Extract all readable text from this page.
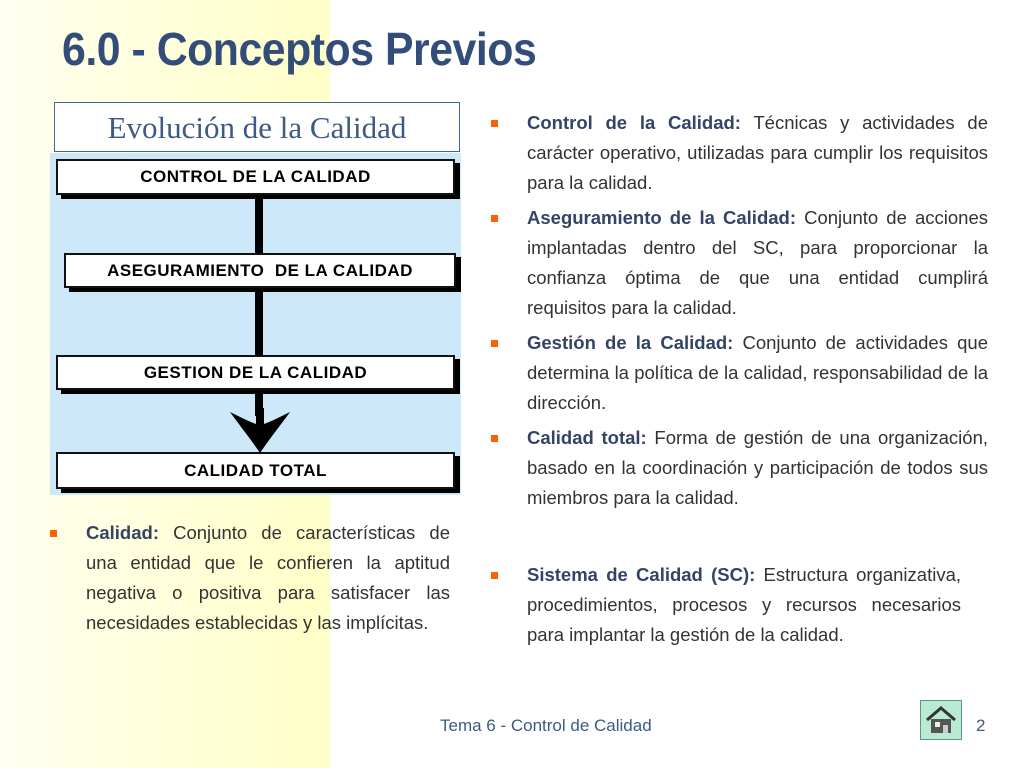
6.0 - Conceptos Previos
Evolución de la Calidad
CONTROL DE LA CALIDAD
ASEGURAMIENTO  DE LA CALIDAD
GESTION DE LA CALIDAD
CALIDAD TOTAL
Calidad: Conjunto de características de una entidad que le confieren la aptitud negativa o positiva para satisfacer las necesidades establecidas y las implícitas.
Control de la Calidad: Técnicas y actividades de carácter operativo, utilizadas para cumplir los requisitos para la calidad.
Aseguramiento de la Calidad: Conjunto de acciones implantadas dentro del SC, para proporcionar la confianza óptima de que una entidad cumplirá requisitos para la calidad.
Gestión de la Calidad: Conjunto de actividades que determina la política de la calidad, responsabilidad de la dirección.
Calidad total: Forma de gestión de una organización, basado en la coordinación y participación de todos sus miembros para la calidad.
Sistema de Calidad (SC): Estructura organizativa, procedimientos, procesos y recursos necesarios para implantar la gestión de la calidad.
Tema 6 - Control de Calidad	2
